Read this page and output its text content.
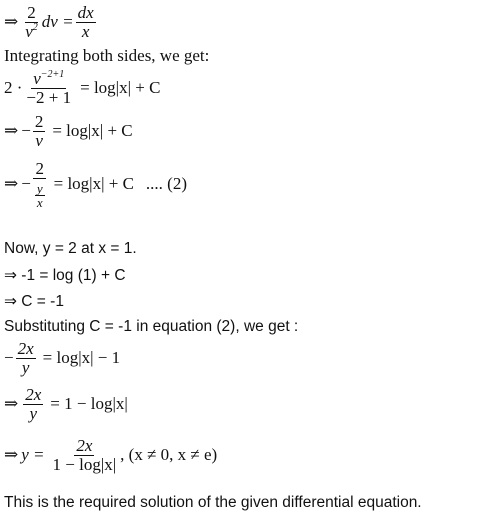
⇒ $\frac{2}{v^2}$ dv = $\frac{dx}{x}$
Integrating both sides, we get:
$2 \cdot \frac{v^{-2+1}}{-2 + 1} = \log|x| + C$
⇒ − $\frac{2}{v} = \log|x| + C$
⇒ − $\frac{2}{\frac{y}{x}} = \log|x| + C$ .... (2)
Now, y = 2 at x = 1.
⇒ -1 = log (1) + C
⇒ C = -1
Substituting C = -1 in equation (2), we get :
− $\frac{2x}{y} = \log|x| - 1$
⇒ $\frac{2x}{y} = 1 - \log|x|$
⇒ $y = \frac{2x}{1 - \log|x|}$ , (x ≠ 0, x ≠ e)
This is the required solution of the given differential equation.
